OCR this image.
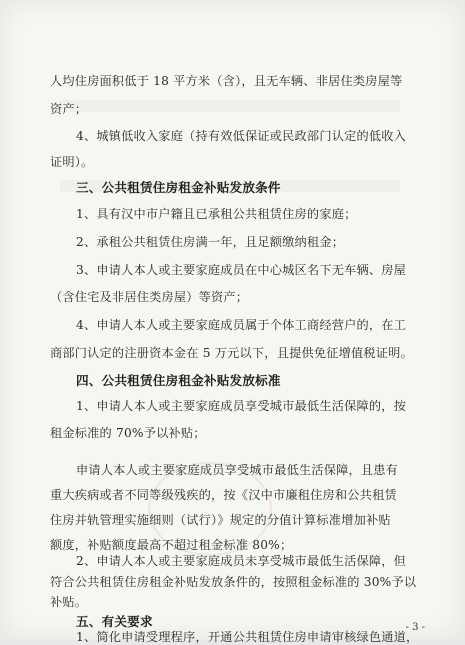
人均住房面积低于 18 平方米（含），且无车辆、非居住类房屋等
资产；
4、城镇低收入家庭（持有效低保证或民政部门认定的低收入
证明）。
三、公共租赁住房租金补贴发放条件
1、具有汉中市户籍且已承租公共租赁住房的家庭；
2、承租公共租赁住房满一年，且足额缴纳租金；
3、申请人本人或主要家庭成员在中心城区名下无车辆、房屋
（含住宅及非居住类房屋）等资产；
4、申请人本人或主要家庭成员属于个体工商经营户的，在工
商部门认定的注册资本金在 5 万元以下，且提供免征增值税证明。
四、公共租赁住房租金补贴发放标准
1、申请人本人或主要家庭成员享受城市最低生活保障的，按
租金标准的 70%予以补贴；
申请人本人或主要家庭成员享受城市最低生活保障，且患有
重大疾病或者不同等级残疾的，按《汉中市廉租住房和公共租赁
住房并轨管理实施细则（试行）》规定的分值计算标准增加补贴
额度，补贴额度最高不超过租金标准 80%；
2、申请人本人或主要家庭成员未享受城市最低生活保障，但
符合公共租赁住房租金补贴发放条件的，按照租金标准的 30%予以
补贴。
- 3 -
五、有关要求
1、简化申请受理程序，开通公共租赁住房申请审核绿色通道，
